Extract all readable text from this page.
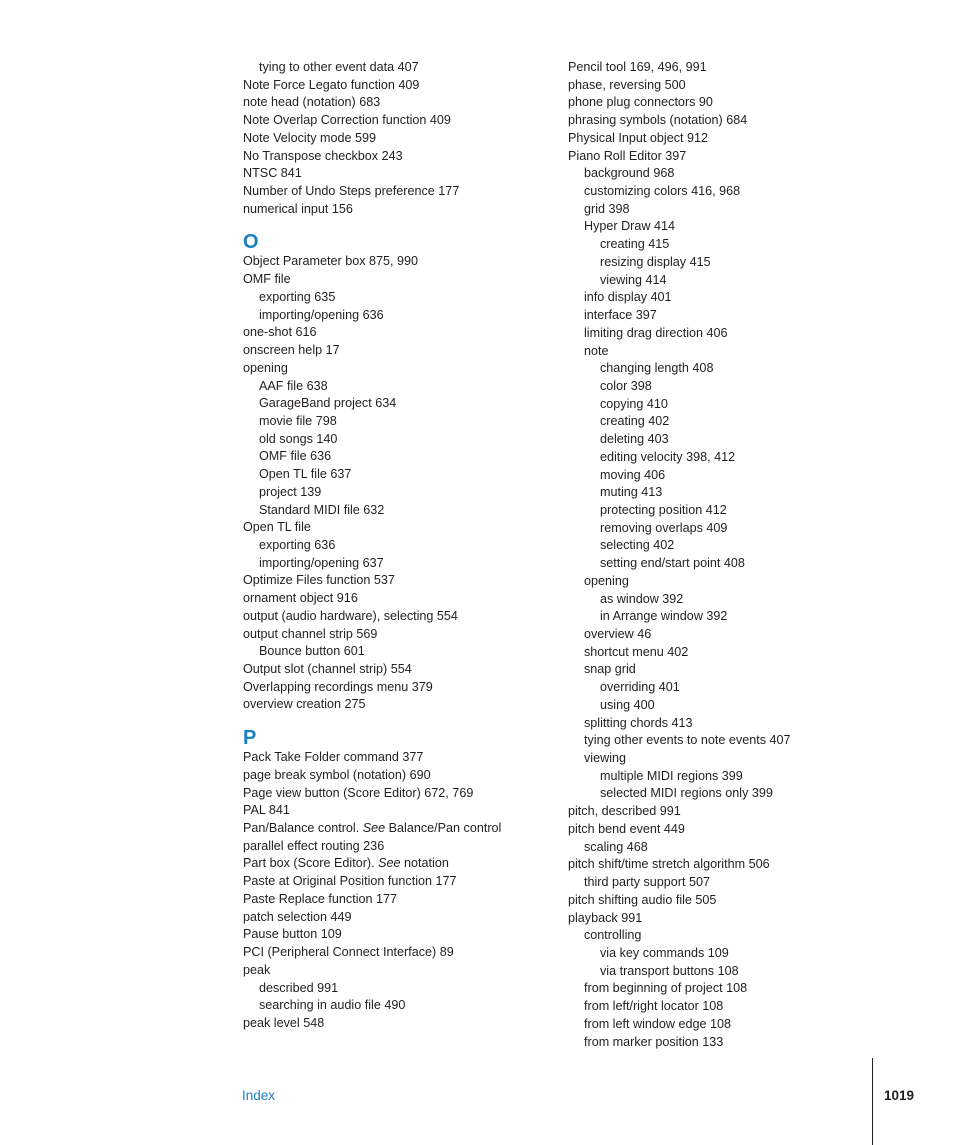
tying to other event data 407
Note Force Legato function 409
note head (notation) 683
Note Overlap Correction function 409
Note Velocity mode 599
No Transpose checkbox 243
NTSC 841
Number of Undo Steps preference 177
numerical input 156
O
Object Parameter box 875, 990
OMF file
exporting 635
importing/opening 636
one-shot 616
onscreen help 17
opening
AAF file 638
GarageBand project 634
movie file 798
old songs 140
OMF file 636
Open TL file 637
project 139
Standard MIDI file 632
Open TL file
exporting 636
importing/opening 637
Optimize Files function 537
ornament object 916
output (audio hardware), selecting 554
output channel strip 569
Bounce button 601
Output slot (channel strip) 554
Overlapping recordings menu 379
overview creation 275
P
Pack Take Folder command 377
page break symbol (notation) 690
Page view button (Score Editor) 672, 769
PAL 841
Pan/Balance control. See Balance/Pan control
parallel effect routing 236
Part box (Score Editor). See notation
Paste at Original Position function 177
Paste Replace function 177
patch selection 449
Pause button 109
PCI (Peripheral Connect Interface) 89
peak
described 991
searching in audio file 490
peak level 548
Pencil tool 169, 496, 991
phase, reversing 500
phone plug connectors 90
phrasing symbols (notation) 684
Physical Input object 912
Piano Roll Editor 397
background 968
customizing colors 416, 968
grid 398
Hyper Draw 414
creating 415
resizing display 415
viewing 414
info display 401
interface 397
limiting drag direction 406
note
changing length 408
color 398
copying 410
creating 402
deleting 403
editing velocity 398, 412
moving 406
muting 413
protecting position 412
removing overlaps 409
selecting 402
setting end/start point 408
opening
as window 392
in Arrange window 392
overview 46
shortcut menu 402
snap grid
overriding 401
using 400
splitting chords 413
tying other events to note events 407
viewing
multiple MIDI regions 399
selected MIDI regions only 399
pitch, described 991
pitch bend event 449
scaling 468
pitch shift/time stretch algorithm 506
third party support 507
pitch shifting audio file 505
playback 991
controlling
via key commands 109
via transport buttons 108
from beginning of project 108
from left/right locator 108
from left window edge 108
from marker position 133
Index	1019
